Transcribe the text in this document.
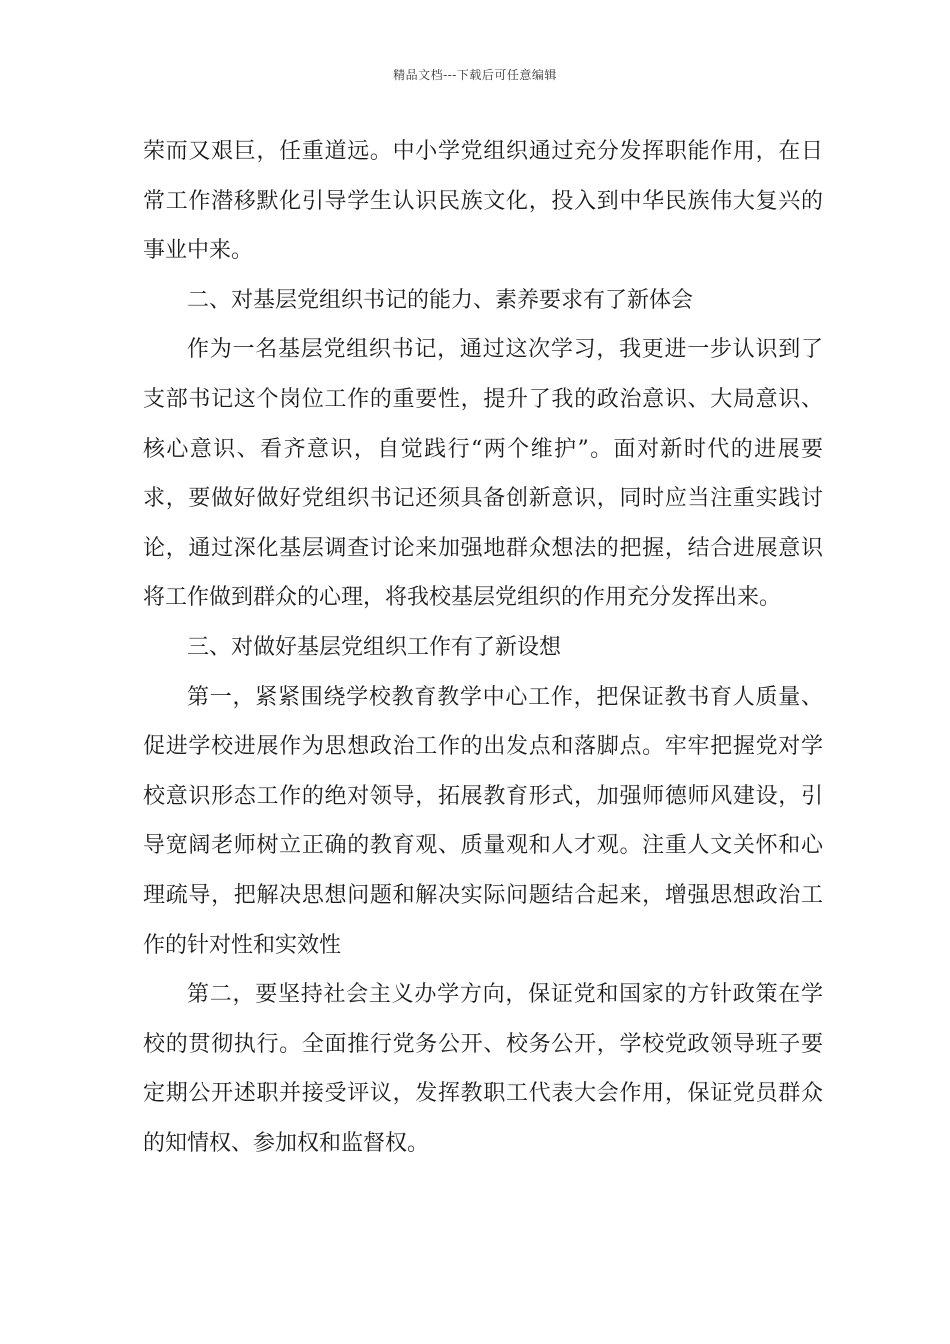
精品文档---下载后可任意编辑

荣而又艰巨，任重道远。中小学党组织通过充分发挥职能作用，在日常工作潜移默化引导学生认识民族文化，投入到中华民族伟大复兴的事业中来。

二、对基层党组织书记的能力、素养要求有了新体会

作为一名基层党组织书记，通过这次学习，我更进一步认识到了支部书记这个岗位工作的重要性，提升了我的政治意识、大局意识、核心意识、看齐意识，自觉践行“两个维护”。面对新时代的进展要求，要做好做好党组织书记还须具备创新意识，同时应当注重实践讨论，通过深化基层调查讨论来加强地群众想法的把握，结合进展意识将工作做到群众的心理，将我校基层党组织的作用充分发挥出来。

三、对做好基层党组织工作有了新设想

第一，紧紧围绕学校教育教学中心工作，把保证教书育人质量、促进学校进展作为思想政治工作的出发点和落脚点。牢牢把握党对学校意识形态工作的绝对领导，拓展教育形式，加强师德师风建设，引导宽阔老师树立正确的教育观、质量观和人才观。注重人文关怀和心理疏导，把解决思想问题和解决实际问题结合起来，增强思想政治工作的针对性和实效性

第二，要坚持社会主义办学方向，保证党和国家的方针政策在学校的贯彻执行。全面推行党务公开、校务公开，学校党政领导班子要定期公开述职并接受评议，发挥教职工代表大会作用，保证党员群众的知情权、参加权和监督权。
